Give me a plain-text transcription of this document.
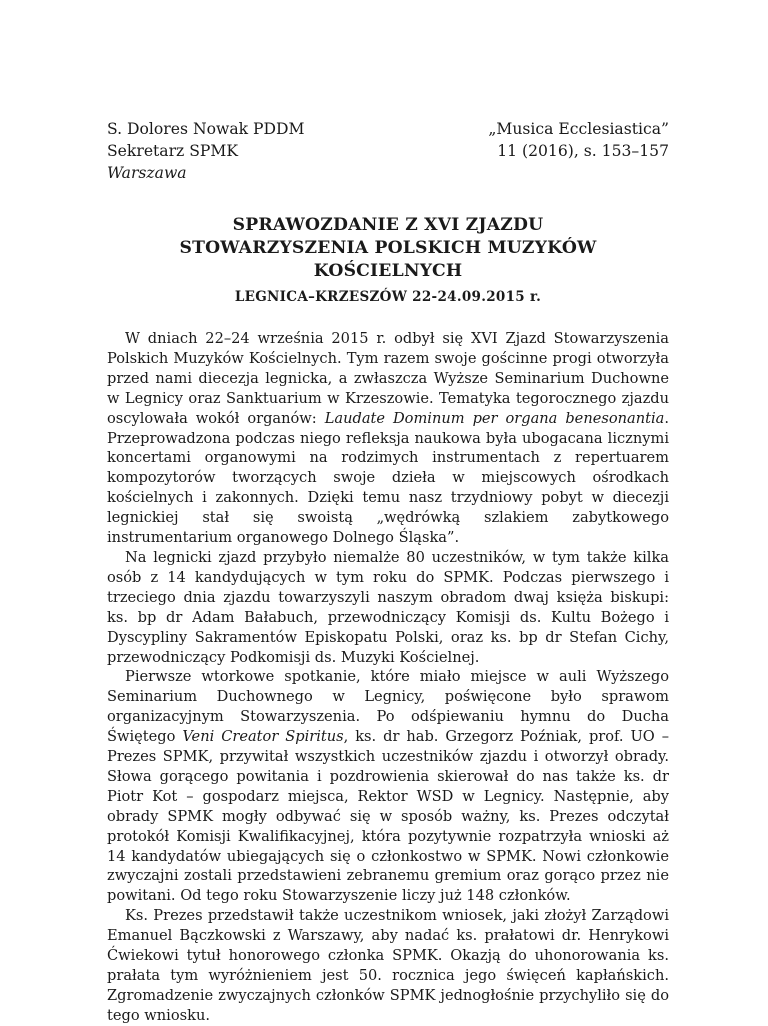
S. Dolores Nowak PDDM
Sekretarz SPMK
Warszawa
„Musica Ecclesiastica”
11 (2016), s. 153–157
SPRAWOZDANIE Z XVI ZJAZDU
STOWARZYSZENIA POLSKICH MUZYKÓW KOŚCIELNYCH
LEGNICA–KRZESZÓW 22-24.09.2015 r.

W dniach 22–24 września 2015 r. odbył się XVI Zjazd Stowarzyszenia Polskich Muzyków Kościelnych. Tym razem swoje gościnne progi otworzyła przed nami diecezja legnicka, a zwłaszcza Wyższe Seminarium Duchowne w Legnicy oraz Sanktuarium w Krzeszowie. Tematyka tegorocznego zjazdu oscylowała wokół organów: Laudate Dominum per organa benesonantia. Przeprowadzona podczas niego refleksja naukowa była ubogacana licznymi koncertami organowymi na rodzimych instrumentach z repertuarem kompozytorów tworzących swoje dzieła w miejscowych ośrodkach kościelnych i zakonnych. Dzięki temu nasz trzydniowy pobyt w diecezji legnickiej stał się swoistą „wędrówką szlakiem zabytkowego instrumentarium organowego Dolnego Śląska”.

Na legnicki zjazd przybyło niemalże 80 uczestników, w tym także kilka osób z 14 kandydujących w tym roku do SPMK. Podczas pierwszego i trzeciego dnia zjazdu towarzyszyli naszym obradom dwaj księża biskupi: ks. bp dr Adam Bałabuch, przewodniczący Komisji ds. Kultu Bożego i Dyscypliny Sakramentów Episkopatu Polski, oraz ks. bp dr Stefan Cichy, przewodniczący Podkomisji ds. Muzyki Kościelnej.

Pierwsze wtorkowe spotkanie, które miało miejsce w auli Wyższego Seminarium Duchownego w Legnicy, poświęcone było sprawom organizacyjnym Stowarzyszenia. Po odśpiewaniu hymnu do Ducha Świętego Veni Creator Spiritus, ks. dr hab. Grzegorz Poźniak, prof. UO – Prezes SPMK, przywitał wszystkich uczestników zjazdu i otworzył obrady. Słowa gorącego powitania i pozdrowienia skierował do nas także ks. dr Piotr Kot – gospodarz miejsca, Rektor WSD w Legnicy. Następnie, aby obrady SPMK mogły odbywać się w sposób ważny, ks. Prezes odczytał protokół Komisji Kwalifikacyjnej, która pozytywnie rozpatrzyła wnioski aż 14 kandydatów ubiegających się o członkostwo w SPMK. Nowi członkowie zwyczajni zostali przedstawieni zebranemu gremium oraz gorąco przez nie powitani. Od tego roku Stowarzyszenie liczy już 148 członków.

Ks. Prezes przedstawił także uczestnikom wniosek, jaki złożył Zarządowi Emanuel Bączkowski z Warszawy, aby nadać ks. prałatowi dr. Henrykowi Ćwiekowi tytuł honorowego członka SPMK. Okazją do uhonorowania ks. prałata tym wyróżnieniem jest 50. rocznica jego święceń kapłańskich. Zgromadzenie zwyczajnych członków SPMK jednogłośnie przychyliło się do tego wniosku.
